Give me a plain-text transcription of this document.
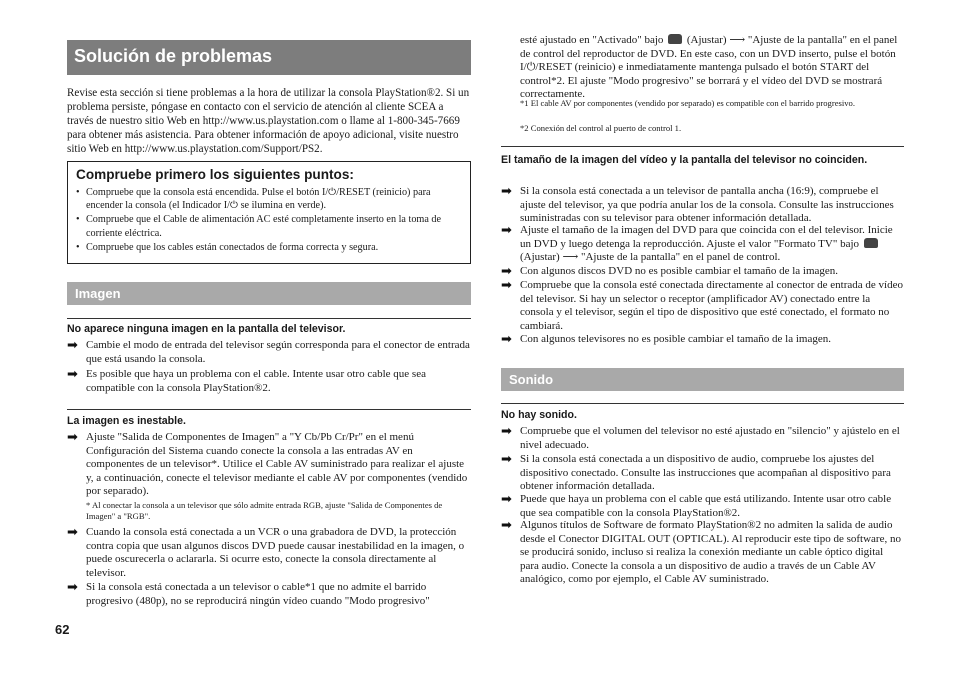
Solución de problemas
Revise esta sección si tiene problemas a la hora de utilizar la consola PlayStation®2. Si un problema persiste, póngase en contacto con el servicio de atención al cliente SCEA a través de nuestro sitio Web en http://www.us.playstation.com o llame al 1-800-345-7669 para obtener más asistencia. Para obtener información de apoyo adicional, visite nuestro sitio Web en http://www.us.playstation.com/Support/PS2.
Compruebe primero los siguientes puntos:
• Compruebe que la consola está encendida. Pulse el botón I/⏻/RESET (reinicio) para encender la consola (el Indicador I/⏻ se ilumina en verde).
• Compruebe que el Cable de alimentación AC esté completamente inserto en la toma de corriente eléctrica.
• Compruebe que los cables están conectados de forma correcta y segura.
Imagen
No aparece ninguna imagen en la pantalla del televisor.
➡ Cambie el modo de entrada del televisor según corresponda para el conector de entrada que está usando la consola.
➡ Es posible que haya un problema con el cable. Intente usar otro cable que sea compatible con la consola PlayStation®2.
La imagen es inestable.
➡ Ajuste "Salida de Componentes de Imagen" a "Y Cb/Pb Cr/Pr" en el menú Configuración del Sistema cuando conecte la consola a las entradas AV en componentes de un televisor*. Utilice el Cable AV suministrado para realizar el ajuste y, a continuación, conecte el televisor mediante el cable AV por componentes (vendido por separado).
* Al conectar la consola a un televisor que sólo admite entrada RGB, ajuste "Salida de Componentes de Imagen" a "RGB".
➡ Cuando la consola está conectada a un VCR o una grabadora de DVD, la protección contra copia que usan algunos discos DVD puede causar inestabilidad en la imagen, o puede oscurecerla o aclararla. Si ocurre esto, conecte la consola directamente al televisor.
➡ Si la consola está conectada a un televisor o cable*1 que no admite el barrido progresivo (480p), no se reproducirá ningún vídeo cuando "Modo progresivo"
62
esté ajustado en "Activado" bajo (Ajustar) ⟶ "Ajuste de la pantalla" en el panel de control del reproductor de DVD. En este caso, con un DVD inserto, pulse el botón I/⏻/RESET (reinicio) e inmediatamente mantenga pulsado el botón START del control*2. El ajuste "Modo progresivo" se borrará y el vídeo del DVD se mostrará correctamente.
*1 El cable AV por componentes (vendido por separado) es compatible con el barrido progresivo.
*2 Conexión del control al puerto de control 1.
El tamaño de la imagen del vídeo y la pantalla del televisor no coinciden.
➡ Si la consola está conectada a un televisor de pantalla ancha (16:9), compruebe el ajuste del televisor, ya que podría anular los de la consola. Consulte las instrucciones suministradas con su televisor para obtener información detallada.
➡ Ajuste el tamaño de la imagen del DVD para que coincida con el del televisor. Inicie un DVD y luego detenga la reproducción. Ajuste el valor "Formato TV" bajo  (Ajustar) ⟶ "Ajuste de la pantalla" en el panel de control.
➡ Con algunos discos DVD no es posible cambiar el tamaño de la imagen.
➡ Compruebe que la consola esté conectada directamente al conector de entrada de vídeo del televisor. Si hay un selector o receptor (amplificador AV) conectado entre la consola y el televisor, según el tipo de dispositivo que esté conectado, el formato no cambiará.
➡ Con algunos televisores no es posible cambiar el tamaño de la imagen.
Sonido
No hay sonido.
➡ Compruebe que el volumen del televisor no esté ajustado en "silencio" y ajústelo en el nivel adecuado.
➡ Si la consola está conectada a un dispositivo de audio, compruebe los ajustes del dispositivo conectado. Consulte las instrucciones que acompañan al dispositivo para obtener información detallada.
➡ Puede que haya un problema con el cable que está utilizando. Intente usar otro cable que sea compatible con la consola PlayStation®2.
➡ Algunos títulos de Software de formato PlayStation®2 no admiten la salida de audio desde el Conector DIGITAL OUT (OPTICAL). Al reproducir este tipo de software, no se producirá sonido, incluso si realiza la conexión mediante un cable óptico digital para audio. Conecte la consola a un dispositivo de audio a través de un Cable AV analógico, como por ejemplo, el Cable AV suministrado.
